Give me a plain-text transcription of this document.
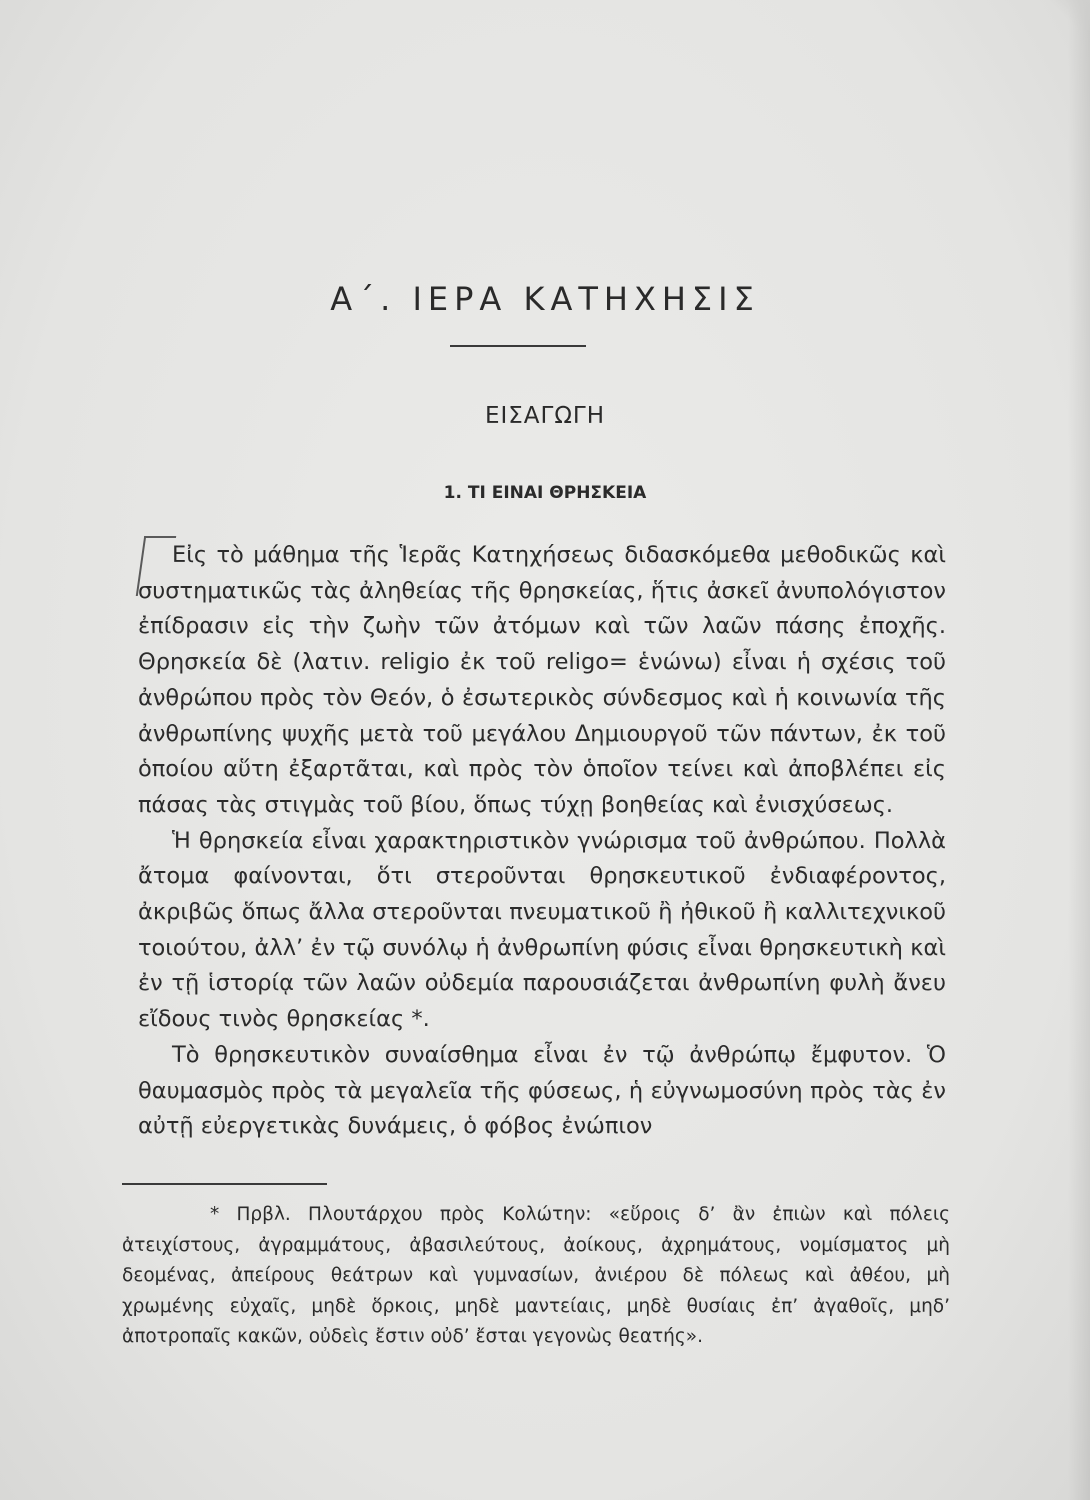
Α΄. ΙΕΡΑ ΚΑΤΗΧΗΣΙΣ
ΕΙΣΑΓΩΓΗ
1. ΤΙ ΕΙΝΑΙ ΘΡΗΣΚΕΙΑ

Εἰς τὸ μάθημα τῆς Ἱερᾶς Κατηχήσεως διδασκόμεθα μεθοδικῶς καὶ συστηματικῶς τὰς ἀληθείας τῆς θρησκείας, ἥτις ἀσκεῖ ἀνυπολόγιστον ἐπίδρασιν εἰς τὴν ζωὴν τῶν ἀτόμων καὶ τῶν λαῶν πάσης ἐποχῆς. Θρησκεία δὲ (λατιν. religio ἐκ τοῦ religo= ἑνώνω) εἶναι ἡ σχέσις τοῦ ἀνθρώπου πρὸς τὸν Θεόν, ὁ ἐσωτερικὸς σύνδεσμος καὶ ἡ κοινωνία τῆς ἀνθρωπίνης ψυχῆς μετὰ τοῦ μεγάλου Δημιουργοῦ τῶν πάντων, ἐκ τοῦ ὁποίου αὕτη ἐξαρτᾶται, καὶ πρὸς τὸν ὁποῖον τείνει καὶ ἀποβλέπει εἰς πάσας τὰς στιγμὰς τοῦ βίου, ὅπως τύχῃ βοηθείας καὶ ἐνισχύσεως.

Ἡ θρησκεία εἶναι χαρακτηριστικὸν γνώρισμα τοῦ ἀνθρώπου. Πολλὰ ἄτομα φαίνονται, ὅτι στεροῦνται θρησκευτικοῦ ἐνδιαφέροντος, ἀκριβῶς ὅπως ἄλλα στεροῦνται πνευματικοῦ ἢ ἠθικοῦ ἢ καλλιτεχνικοῦ τοιούτου, ἀλλ’ ἐν τῷ συνόλῳ ἡ ἀνθρωπίνη φύσις εἶναι θρησκευτικὴ καὶ ἐν τῇ ἱστορίᾳ τῶν λαῶν οὐδεμία παρουσιάζεται ἀνθρωπίνη φυλὴ ἄνευ εἴδους τινὸς θρησκείας *.

Τὸ θρησκευτικὸν συναίσθημα εἶναι ἐν τῷ ἀνθρώπῳ ἔμφυτον. Ὁ θαυμασμὸς πρὸς τὰ μεγαλεῖα τῆς φύσεως, ἡ εὐγνωμοσύνη πρὸς τὰς ἐν αὐτῇ εὐεργετικὰς δυνάμεις, ὁ φόβος ἐνώπιον

* Πρβλ. Πλουτάρχου πρὸς Κολώτην: «εὕροις δ’ ἂν ἐπιὼν καὶ πόλεις ἀτειχίστους, ἀγραμμάτους, ἀβασιλεύτους, ἀοίκους, ἀχρημάτους, νομίσματος μὴ δεομένας, ἀπείρους θεάτρων καὶ γυμνασίων, ἀνιέρου δὲ πόλεως καὶ ἀθέου, μὴ χρωμένης εὐχαῖς, μηδὲ ὅρκοις, μηδὲ μαντείαις, μηδὲ θυσίαις ἐπ’ ἀγαθοῖς, μηδ’ ἀποτροπαῖς κακῶν, οὐδεὶς ἔστιν οὐδ’ ἔσται γεγονὼς θεατής».
